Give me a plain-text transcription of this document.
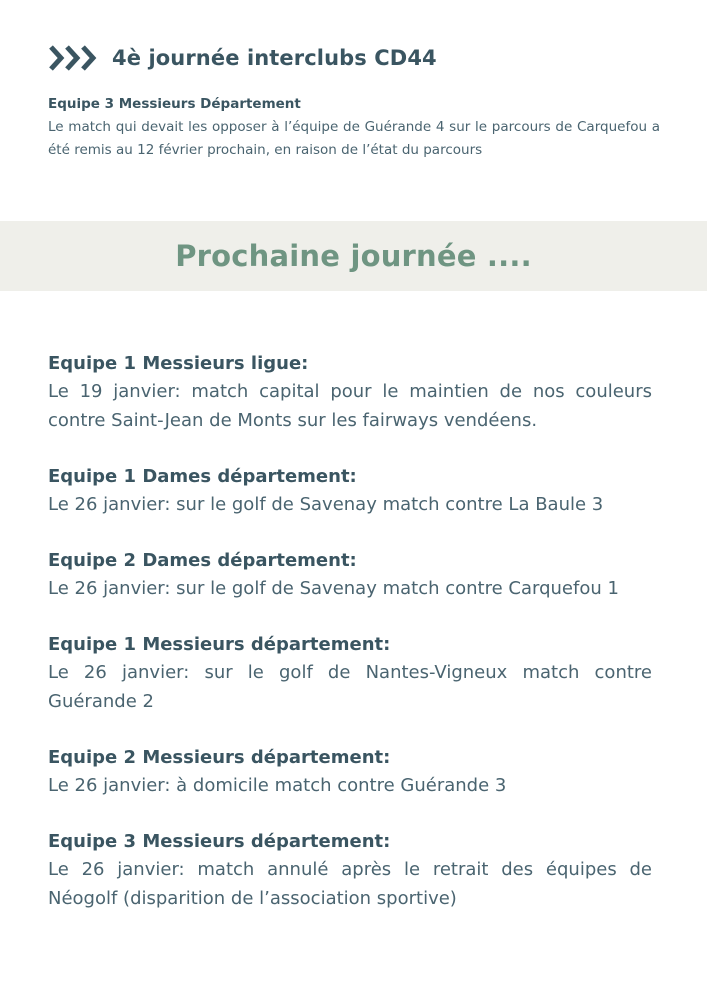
4è journée interclubs CD44
Equipe 3 Messieurs Département
Le match qui devait les opposer à l’équipe de Guérande 4 sur le parcours de Carquefou a été remis au 12 février prochain, en raison de l’état du parcours
Prochaine journée ....
Equipe 1 Messieurs ligue:
Le 19 janvier: match capital pour le maintien de nos couleurs contre Saint-Jean de Monts sur les fairways vendéens.
Equipe 1 Dames département:
Le 26 janvier: sur le golf de Savenay match contre La Baule 3
Equipe 2 Dames département:
Le 26 janvier: sur le golf de Savenay match contre Carquefou 1
Equipe 1 Messieurs département:
Le 26 janvier: sur le golf de Nantes-Vigneux match contre Guérande 2
Equipe 2 Messieurs département:
Le 26 janvier: à domicile match contre Guérande 3
Equipe 3 Messieurs département:
Le 26 janvier: match annulé après le retrait des équipes de Néogolf (disparition de l’association sportive)
